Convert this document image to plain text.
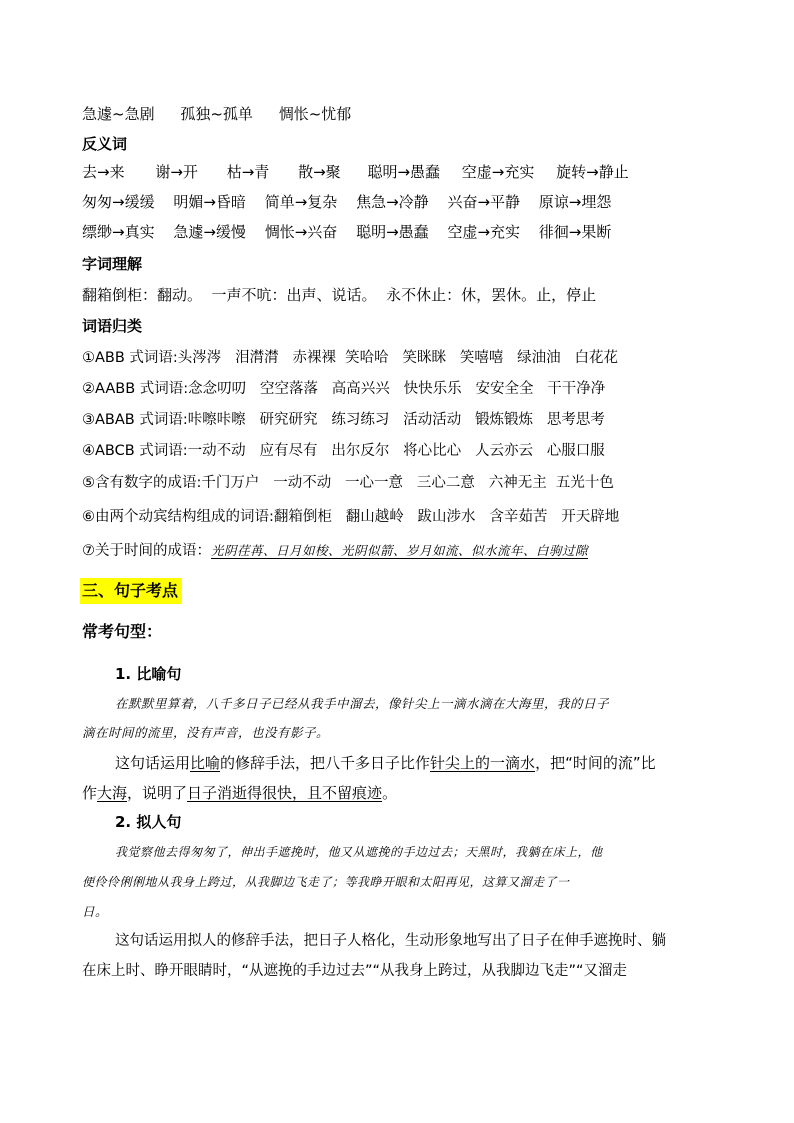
急遽~急剧 孤独~孤单 惆怅~忧郁
反义词
去→来 谢→开 枯→青 散→聚 聪明→愚蠢 空虚→充实 旋转→静止
匆匆→缓缓 明媚→昏暗 简单→复杂 焦急→冷静 兴奋→平静 原谅→埋怨
缥缈→真实 急遽→缓慢 惆怅→兴奋 聪明→愚蠢 空虚→充实 徘徊→果断
字词理解
翻箱倒柜：翻动。  一声不吭：出声、说话。  永不休止：休，罢休。止，停止
词语归类
①ABB 式词语:头涔涔   泪潸潸   赤裸裸  笑哈哈   笑眯眯   笑嘻嘻   绿油油   白花花
②AABB 式词语:念念叨叨   空空落落   高高兴兴   快快乐乐   安安全全   干干净净
③ABAB 式词语:咔嚓咔嚓   研究研究   练习练习   活动活动   锻炼锻炼   思考思考
④ABCB 式词语:一动不动   应有尽有   出尔反尔   将心比心   人云亦云   心服口服
⑤含有数字的成语:千门万户   一动不动   一心一意   三心二意   六神无主  五光十色
⑥由两个动宾结构组成的词语:翻箱倒柜   翻山越岭   跋山涉水   含辛茹苦   开天辟地
⑦关于时间的成语：光阴荏苒、日月如梭、光阴似箭、岁月如流、似水流年、白驹过隙
三、句子考点
常考句型：
1. 比喻句
在默默里算着，八千多日子已经从我手中溜去，像针尖上一滴水滴在大海里，我的日子
滴在时间的流里，没有声音，也没有影子。
这句话运用比喻的修辞手法，把八千多日子比作针尖上的一滴水，把“时间的流”比
作大海，说明了日子消逝得很快，且不留痕迹。
2. 拟人句
我觉察他去得匆匆了，伸出手遮挽时，他又从遮挽的手边过去；天黑时，我躺在床上，他
便伶伶俐俐地从我身上跨过，从我脚边飞走了；等我睁开眼和太阳再见，这算又溜走了一
日。
这句话运用拟人的修辞手法，把日子人格化，生动形象地写出了日子在伸手遮挽时、躺
在床上时、睁开眼睛时，“从遮挽的手边过去”“从我身上跨过，从我脚边飞走”“又溜走
